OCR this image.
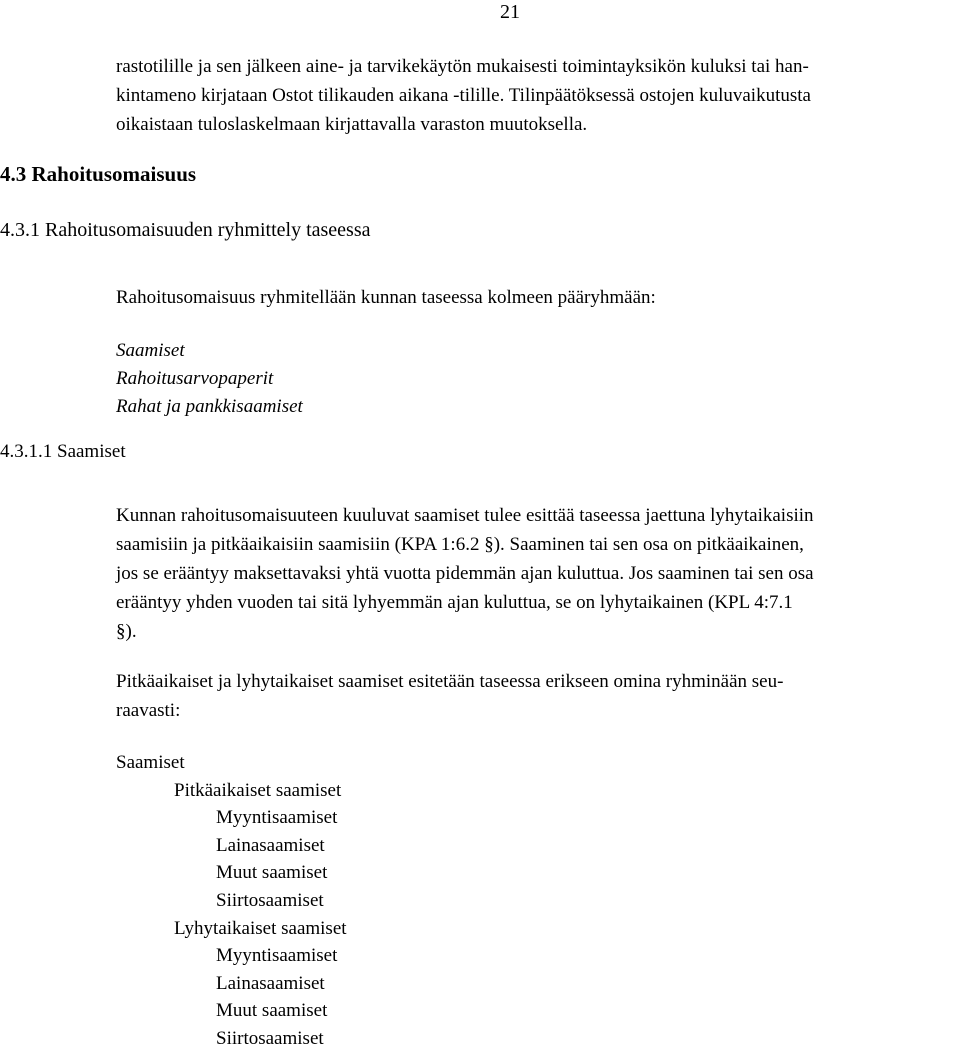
21
rastotilille ja sen jälkeen aine- ja tarvikekäytön mukaisesti toimintayksikön kuluksi tai han-
kintameno kirjataan Ostot tilikauden aikana -tilille. Tilinpäätöksessä ostojen kuluvaikutusta
oikaistaan tuloslaskelmaan kirjattavalla varaston muutoksella.
4.3 Rahoitusomaisuus
4.3.1 Rahoitusomaisuuden ryhmittely taseessa
Rahoitusomaisuus ryhmitellään kunnan taseessa kolmeen pääryhmään:
Saamiset
Rahoitusarvopaperit
Rahat ja pankkisaamiset
4.3.1.1 Saamiset
Kunnan rahoitusomaisuuteen kuuluvat saamiset tulee esittää taseessa jaettuna lyhytaikaisiin
saamisiin ja pitkäaikaisiin saamisiin (KPA 1:6.2 §). Saaminen tai sen osa on pitkäaikainen,
jos se erääntyy maksettavaksi yhtä vuotta pidemmän ajan kuluttua. Jos saaminen tai sen osa
erääntyy yhden vuoden tai sitä lyhyemmän ajan kuluttua, se on lyhytaikainen (KPL 4:7.1
§).
Pitkäaikaiset ja lyhytaikaiset saamiset esitetään taseessa erikseen omina ryhminään seu-
raavasti:
Saamiset
Pitkäaikaiset saamiset
Myyntisaamiset
Lainasaamiset
Muut saamiset
Siirtosaamiset
Lyhytaikaiset saamiset
Myyntisaamiset
Lainasaamiset
Muut saamiset
Siirtosaamiset
